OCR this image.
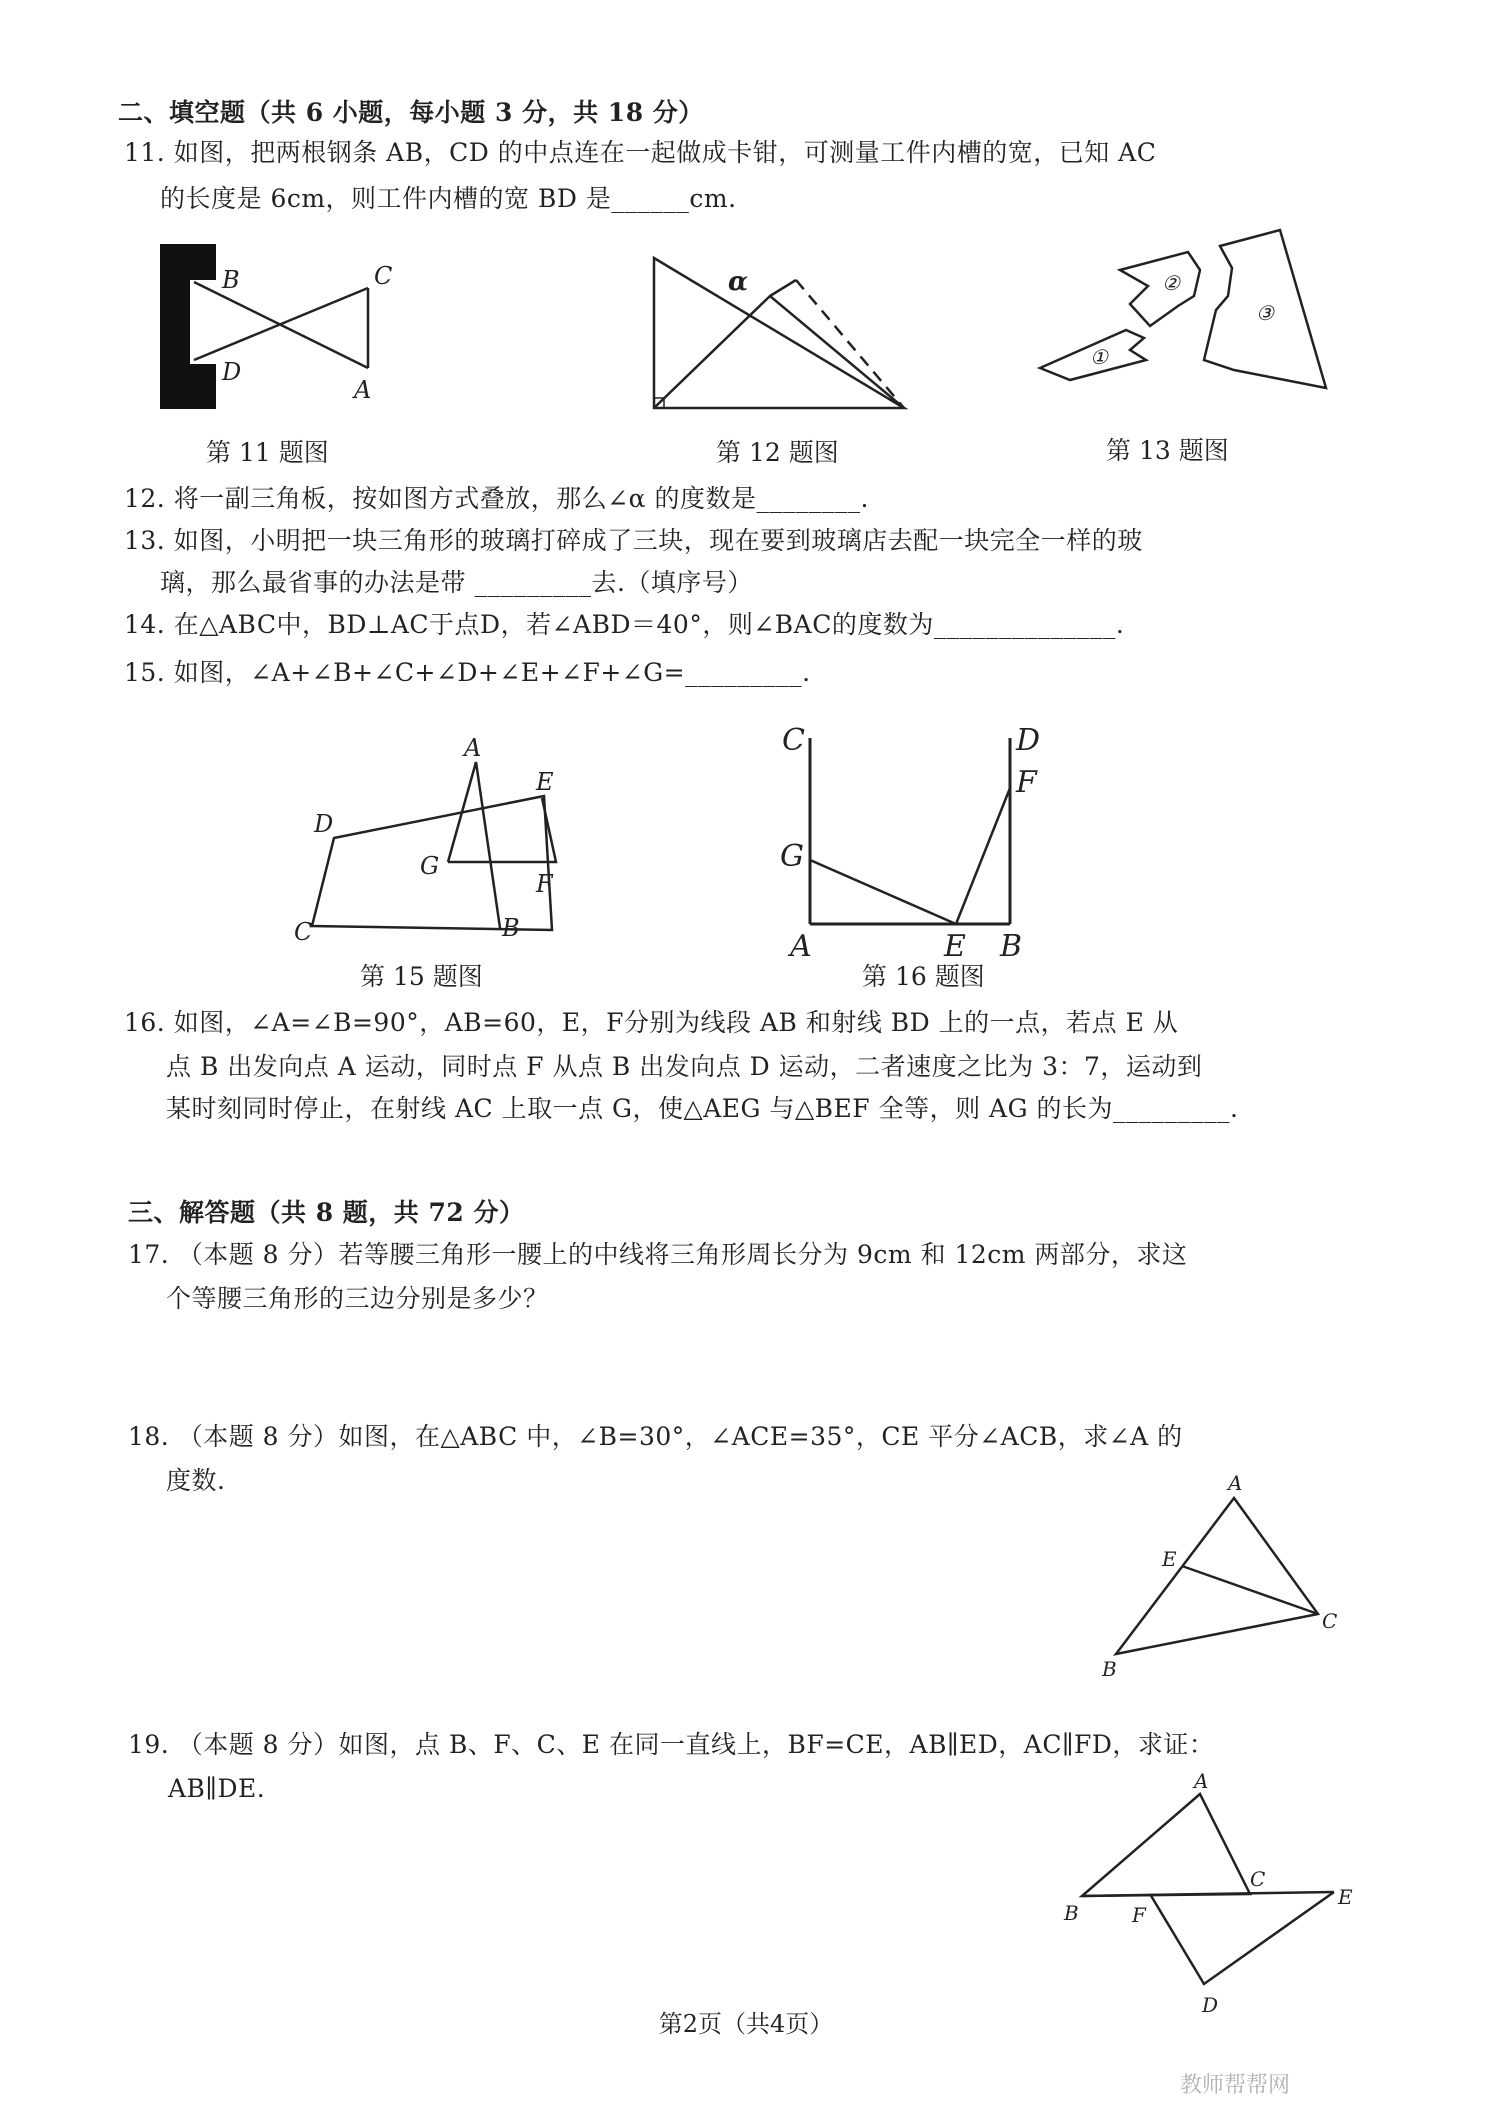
二、填空题（共 6 小题，每小题 3 分，共 18 分）
11. 如图，把两根钢条 AB，CD 的中点连在一起做成卡钳，可测量工件内槽的宽，已知 AC
的长度是 6cm，则工件内槽的宽 BD 是______cm.
B	C
D
A
α
①
②
③
第 11 题图	第 12 题图	第 13 题图
12. 将一副三角板，按如图方式叠放，那么∠α 的度数是________.
13. 如图，小明把一块三角形的玻璃打碎成了三块，现在要到玻璃店去配一块完全一样的玻
璃，那么最省事的办法是带 _________去.（填序号）
14. 在△ABC中，BD⊥AC于点D，若∠ABD＝40°，则∠BAC的度数为______________.
15. 如图，∠A+∠B+∠C+∠D+∠E+∠F+∠G=_________.
A
D
E
G
F
C	B
C	D
F
G
A	E B
第 15 题图	第 16 题图
16. 如图，∠A=∠B=90°，AB=60，E，F分别为线段 AB 和射线 BD 上的一点，若点 E 从
点 B 出发向点 A 运动，同时点 F 从点 B 出发向点 D 运动，二者速度之比为 3：7，运动到
某时刻同时停止，在射线 AC 上取一点 G，使△AEG 与△BEF 全等，则 AG 的长为_________.
三、解答题（共 8 题，共 72 分）
17. （本题 8 分）若等腰三角形一腰上的中线将三角形周长分为 9cm 和 12cm 两部分，求这
个等腰三角形的三边分别是多少？
18. （本题 8 分）如图，在△ABC 中，∠B=30°，∠ACE=35°，CE 平分∠ACB，求∠A 的
度数.	A
E
C
B
19. （本题 8 分）如图，点 B、F、C、E 在同一直线上，BF=CE，AB∥ED，AC∥FD，求证：
AB∥DE.	A
B	F
C
E
D
第2页（共4页）
教师帮帮网
